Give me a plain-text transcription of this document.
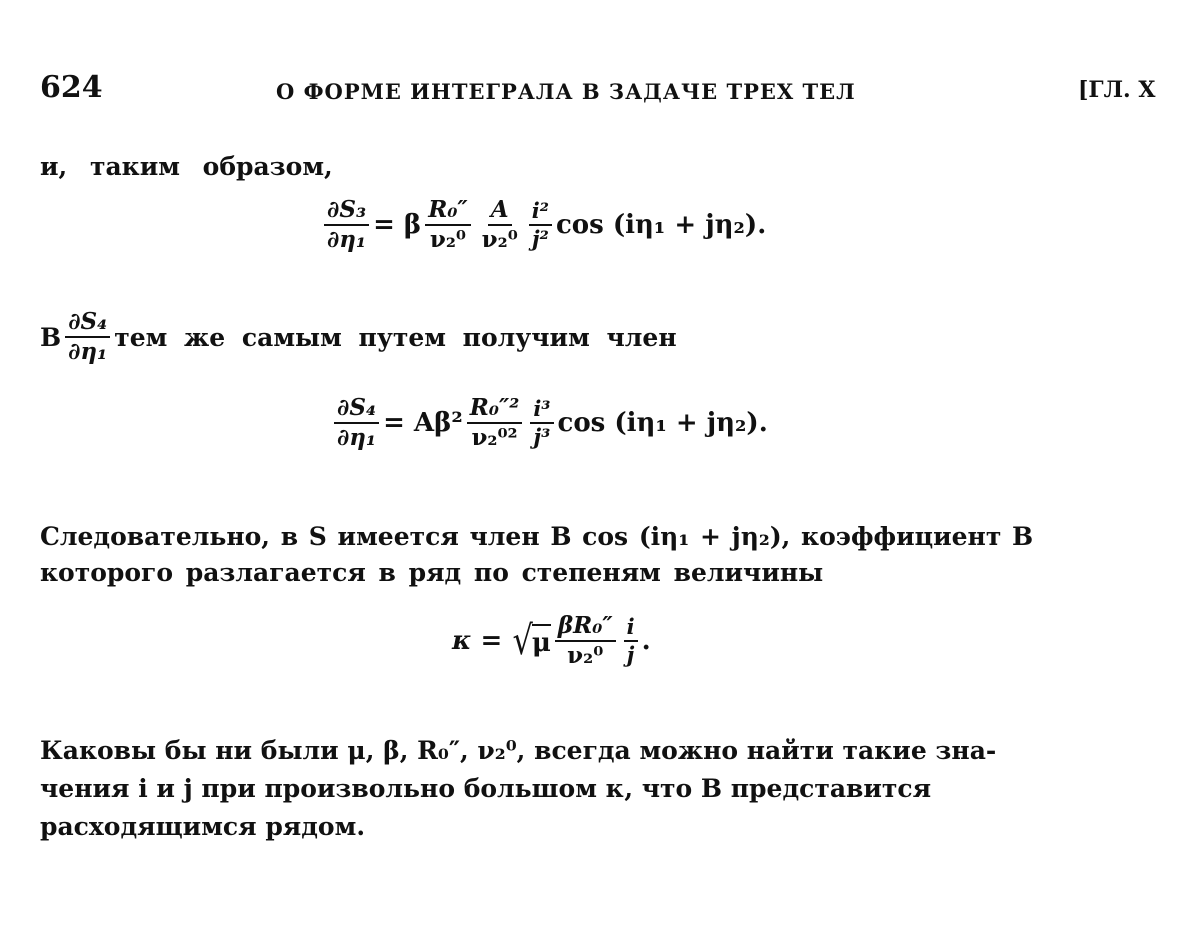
624	О ФОРМЕ ИНТЕГРАЛА В ЗАДАЧЕ ТРЕХ ТЕЛ	[ГЛ. X
и, таким образом,
$\frac{\text{∂S₃}}{\text{∂η₁}} = \beta \frac{\text{R₀″}}{\text{ν₂⁰}} \frac{A}{\text{ν₂⁰}} \frac{\text{i²}}{\text{j²}}$ cos (iη₁ + jη₂).
В $\frac{\text{∂S₄}}{\text{∂η₁}}$ тем же самым путем получим член
$\frac{\text{∂S₄}}{\text{∂η₁}} = A\beta^2 \frac{\text{R₀″²}}{\text{ν₂⁰²}} \frac{\text{i³}}{\text{j³}}$ cos (iη₁ + jη₂).
Следовательно, в S имеется член B cos (iη₁ + jη₂), коэффициент B
которого разлагается в ряд по степеням величины
κ = √
μ $\frac{\text{βR₀″}}{\text{ν₂⁰}} \frac{i}{j}$ .
Каковы бы ни были μ, β, R₀″, ν₂⁰, всегда можно найти такие зна-
чения i и j при произвольно большом κ, что B представится
расходящимся рядом.
